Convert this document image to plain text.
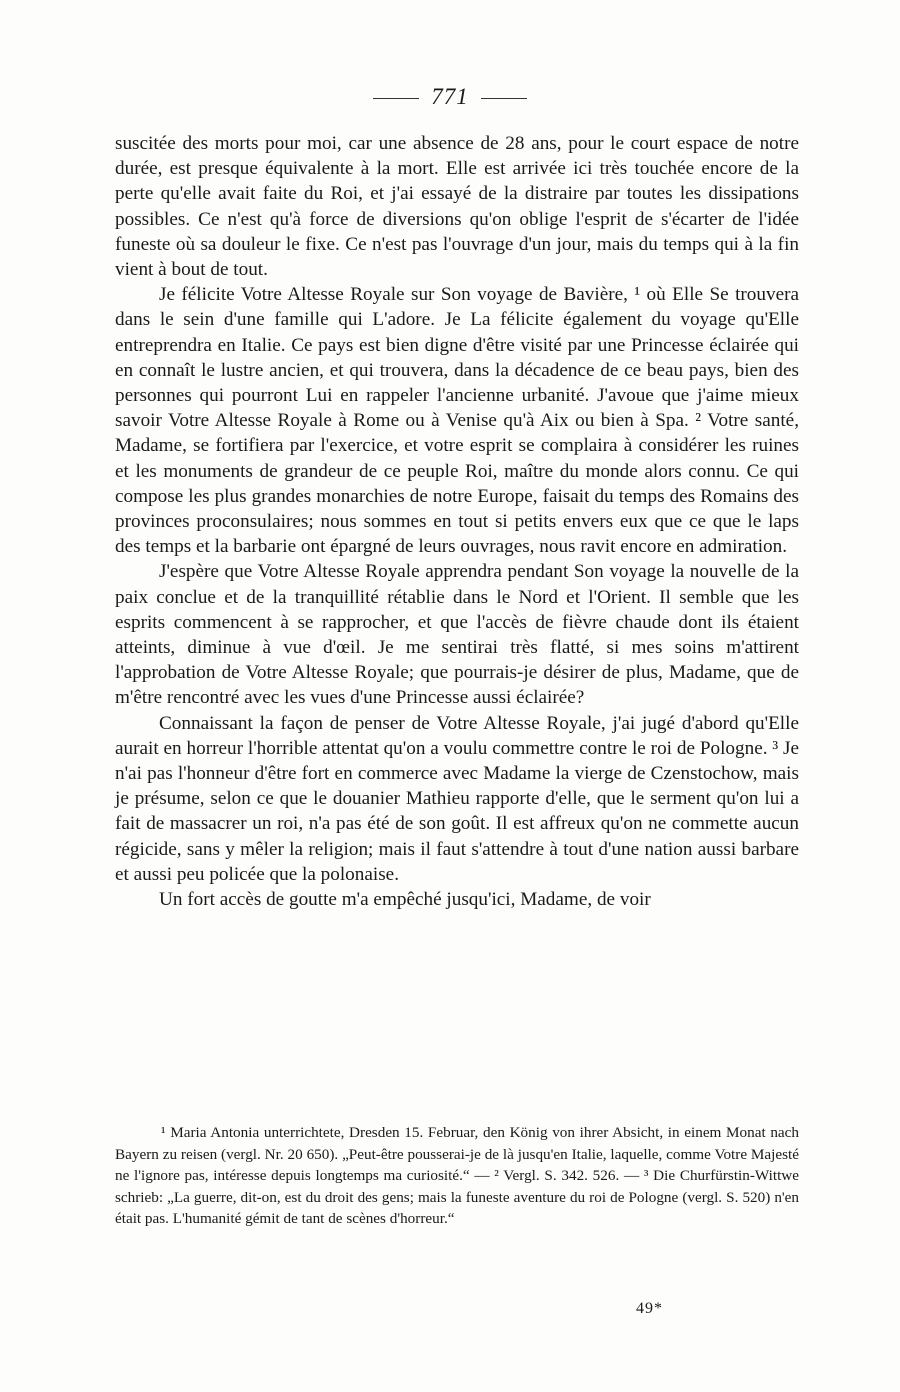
771

suscitée des morts pour moi, car une absence de 28 ans, pour le court espace de notre durée, est presque équivalente à la mort. Elle est arrivée ici très touchée encore de la perte qu'elle avait faite du Roi, et j'ai essayé de la distraire par toutes les dissipations possibles. Ce n'est qu'à force de diversions qu'on oblige l'esprit de s'écarter de l'idée funeste où sa douleur le fixe. Ce n'est pas l'ouvrage d'un jour, mais du temps qui à la fin vient à bout de tout.

Je félicite Votre Altesse Royale sur Son voyage de Bavière, ¹ où Elle Se trouvera dans le sein d'une famille qui L'adore. Je La félicite également du voyage qu'Elle entreprendra en Italie. Ce pays est bien digne d'être visité par une Princesse éclairée qui en connaît le lustre ancien, et qui trouvera, dans la décadence de ce beau pays, bien des personnes qui pourront Lui en rappeler l'ancienne urbanité. J'avoue que j'aime mieux savoir Votre Altesse Royale à Rome ou à Venise qu'à Aix ou bien à Spa. ² Votre santé, Madame, se fortifiera par l'exercice, et votre esprit se complaira à considérer les ruines et les monuments de grandeur de ce peuple Roi, maître du monde alors connu. Ce qui compose les plus grandes monarchies de notre Europe, faisait du temps des Romains des provinces proconsulaires; nous sommes en tout si petits envers eux que ce que le laps des temps et la barbarie ont épargné de leurs ouvrages, nous ravit encore en admiration.

J'espère que Votre Altesse Royale apprendra pendant Son voyage la nouvelle de la paix conclue et de la tranquillité rétablie dans le Nord et l'Orient. Il semble que les esprits commencent à se rapprocher, et que l'accès de fièvre chaude dont ils étaient atteints, diminue à vue d'œil. Je me sentirai très flatté, si mes soins m'attirent l'approbation de Votre Altesse Royale; que pourrais-je désirer de plus, Madame, que de m'être rencontré avec les vues d'une Princesse aussi éclairée?

Connaissant la façon de penser de Votre Altesse Royale, j'ai jugé d'abord qu'Elle aurait en horreur l'horrible attentat qu'on a voulu commettre contre le roi de Pologne. ³ Je n'ai pas l'honneur d'être fort en commerce avec Madame la vierge de Czenstochow, mais je présume, selon ce que le douanier Mathieu rapporte d'elle, que le serment qu'on lui a fait de massacrer un roi, n'a pas été de son goût. Il est affreux qu'on ne commette aucun régicide, sans y mêler la religion; mais il faut s'attendre à tout d'une nation aussi barbare et aussi peu policée que la polonaise.

Un fort accès de goutte m'a empêché jusqu'ici, Madame, de voir

¹ Maria Antonia unterrichtete, Dresden 15. Februar, den König von ihrer Absicht, in einem Monat nach Bayern zu reisen (vergl. Nr. 20 650). „Peut-être pousserai-je de là jusqu'en Italie, laquelle, comme Votre Majesté ne l'ignore pas, intéresse depuis longtemps ma curiosité.“ — ² Vergl. S. 342. 526. — ³ Die Churfürstin-Wittwe schrieb: „La guerre, dit-on, est du droit des gens; mais la funeste aventure du roi de Pologne (vergl. S. 520) n'en était pas. L'humanité gémit de tant de scènes d'horreur.“

49*
